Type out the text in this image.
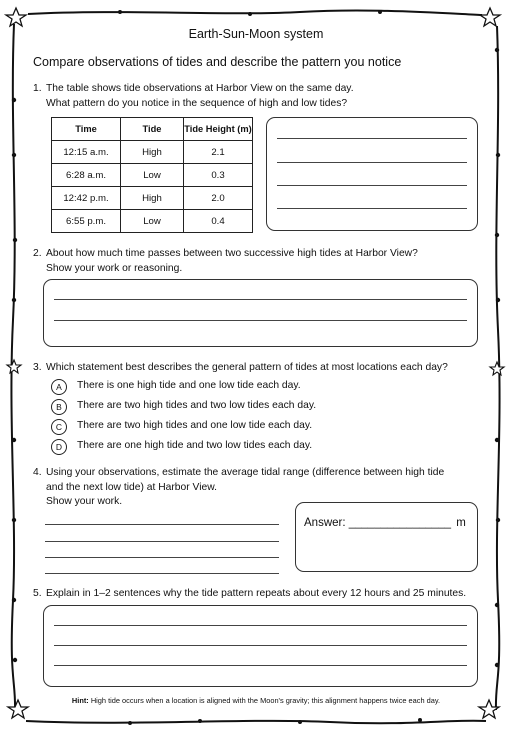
Earth-Sun-Moon system
Compare observations of tides and describe the pattern you notice
1. The table shows tide observations at Harbor View on the same day.
What pattern do you notice in the sequence of high and low tides?
Time	Tide	Tide Height (m)
12:15 a.m.	High	2.1
6:28 a.m.	Low	0.3
12:42 p.m.	High	2.0
6:55 p.m.	Low	0.4
2. About how much time passes between two successive high tides at Harbor View?
Show your work or reasoning.
3. Which statement best describes the general pattern of tides at most locations each day?
A	There is one high tide and one low tide each day.
B	There are two high tides and two low tides each day.
C	There are two high tides and one low tide each day.
D	There are one high tide and two low tides each day.
4. Using your observations, estimate the average tidal range (difference between high tide
and the next low tide) at Harbor View.
Show your work.
Answer: ________________ m
5. Explain in 1–2 sentences why the tide pattern repeats about every 12 hours and 25 minutes.
Hint: High tide occurs when a location is aligned with the Moon's gravity; this alignment happens twice each day.
